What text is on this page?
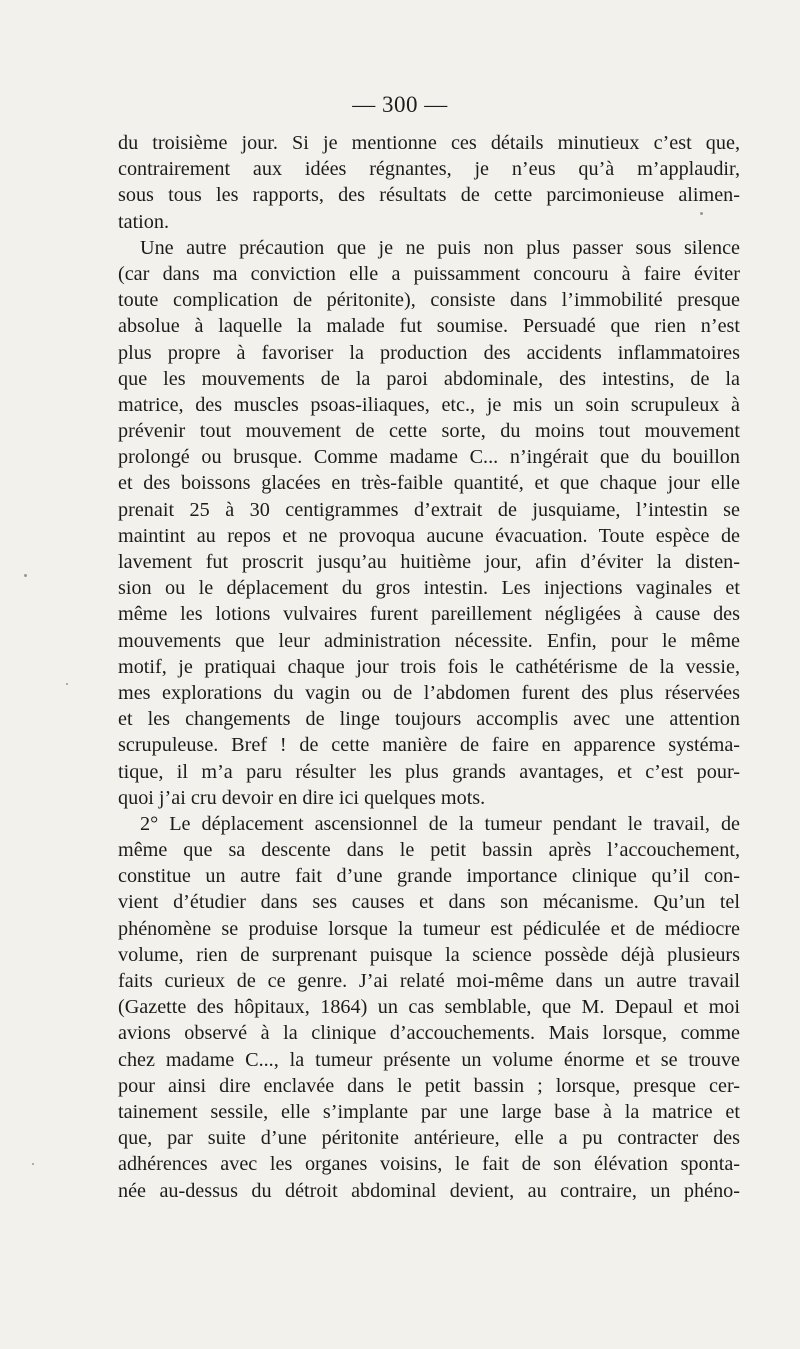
— 300 —
du troisième jour. Si je mentionne ces détails minutieux c’est que,
contrairement aux idées régnantes, je n’eus qu’à m’applaudir,
sous tous les rapports, des résultats de cette parcimonieuse alimen-
tation.
Une autre précaution que je ne puis non plus passer sous silence
(car dans ma conviction elle a puissamment concouru à faire éviter
toute complication de péritonite), consiste dans l’immobilité presque
absolue à laquelle la malade fut soumise. Persuadé que rien n’est
plus propre à favoriser la production des accidents inflammatoires
que les mouvements de la paroi abdominale, des intestins, de la
matrice, des muscles psoas-iliaques, etc., je mis un soin scrupuleux à
prévenir tout mouvement de cette sorte, du moins tout mouvement
prolongé ou brusque. Comme madame C... n’ingérait que du bouillon
et des boissons glacées en très-faible quantité, et que chaque jour elle
prenait 25 à 30 centigrammes d’extrait de jusquiame, l’intestin se
maintint au repos et ne provoqua aucune évacuation. Toute espèce de
lavement fut proscrit jusqu’au huitième jour, afin d’éviter la disten-
sion ou le déplacement du gros intestin. Les injections vaginales et
même les lotions vulvaires furent pareillement négligées à cause des
mouvements que leur administration nécessite. Enfin, pour le même
motif, je pratiquai chaque jour trois fois le cathétérisme de la vessie,
mes explorations du vagin ou de l’abdomen furent des plus réservées
et les changements de linge toujours accomplis avec une attention
scrupuleuse. Bref ! de cette manière de faire en apparence systéma-
tique, il m’a paru résulter les plus grands avantages, et c’est pour-
quoi j’ai cru devoir en dire ici quelques mots.
2° Le déplacement ascensionnel de la tumeur pendant le travail, de
même que sa descente dans le petit bassin après l’accouchement,
constitue un autre fait d’une grande importance clinique qu’il con-
vient d’étudier dans ses causes et dans son mécanisme. Qu’un tel
phénomène se produise lorsque la tumeur est pédiculée et de médiocre
volume, rien de surprenant puisque la science possède déjà plusieurs
faits curieux de ce genre. J’ai relaté moi-même dans un autre travail
(Gazette des hôpitaux, 1864) un cas semblable, que M. Depaul et moi
avions observé à la clinique d’accouchements. Mais lorsque, comme
chez madame C..., la tumeur présente un volume énorme et se trouve
pour ainsi dire enclavée dans le petit bassin ; lorsque, presque cer-
tainement sessile, elle s’implante par une large base à la matrice et
que, par suite d’une péritonite antérieure, elle a pu contracter des
adhérences avec les organes voisins, le fait de son élévation sponta-
née au-dessus du détroit abdominal devient, au contraire, un phéno-
